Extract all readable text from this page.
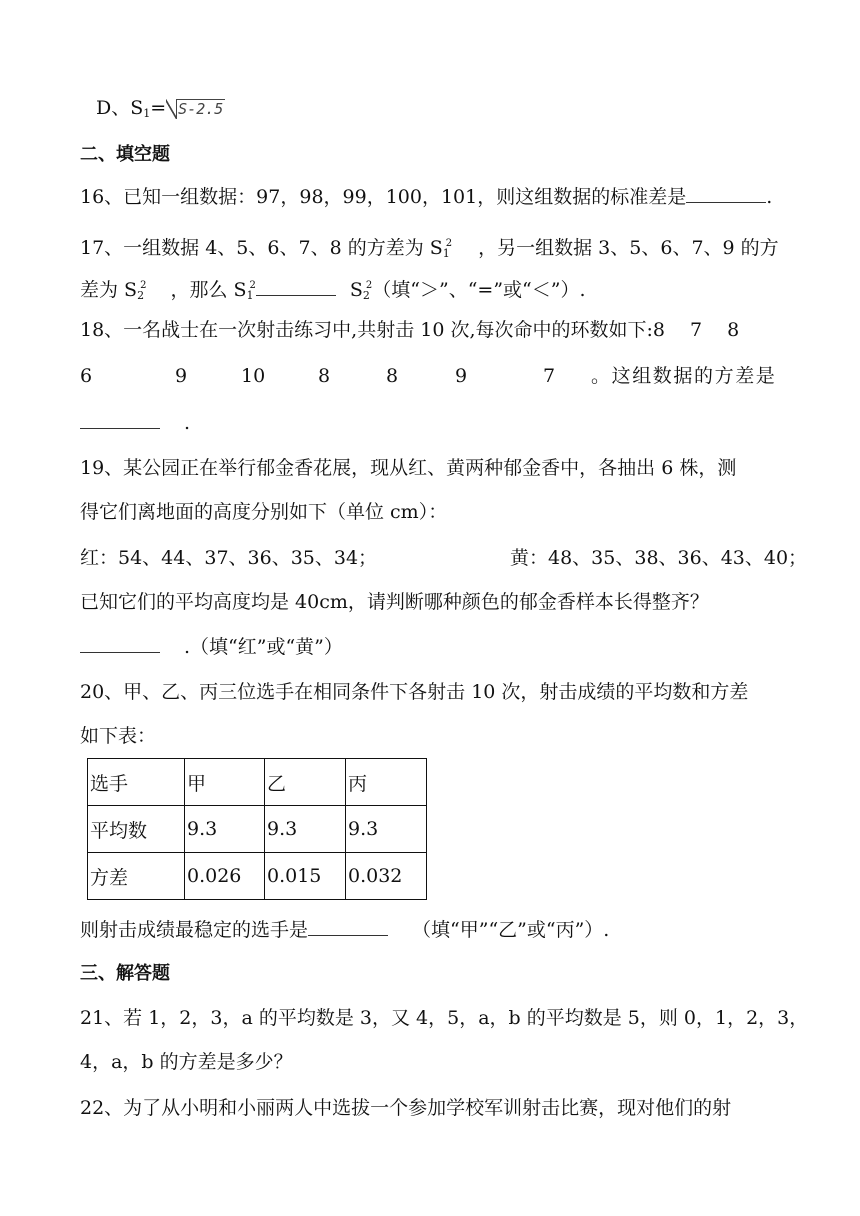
D、$S_1= S-2.5$
二、填空题
16、已知一组数据：97，98，99，100，101，则这组数据的标准差是	.
17、一组数据 4、5、6、7、8 的方差为 $S_1^2$ ，另一组数据 3、5、6、7、9 的方
差为 $S_2^2$ ，那么 $S_1^2$	$S_2^2$（填“＞”、“=”或“＜”）.
18、一名战士在一次射击练习中,共射击 10 次,每次命中的环数如下:8　 7　 8
6	9	10	8	8	9	7 。这组数据的方差是
.
19、某公园正在举行郁金香花展，现从红、黄两种郁金香中，各抽出 6 株，测
得它们离地面的高度分别如下（单位 cm）：
红：54、44、37、36、35、34；	黄：48、35、38、36、43、40；
已知它们的平均高度均是 40cm，请判断哪种颜色的郁金香样本长得整齐？
.（填“红”或“黄”）
20、甲、乙、丙三位选手在相同条件下各射击 10 次，射击成绩的平均数和方差
如下表：
选手	甲	乙	丙
平均数	9.3	9.3	9.3
方差	0.026	0.015	0.032
则射击成绩最稳定的选手是	（填“甲”“乙”或“丙”）.
三、解答题
21、若 1，2，3，a 的平均数是 3，又 4，5，a，b 的平均数是 5，则 0，1，2，3，
4，a，b 的方差是多少？
22、为了从小明和小丽两人中选拔一个参加学校军训射击比赛，现对他们的射
